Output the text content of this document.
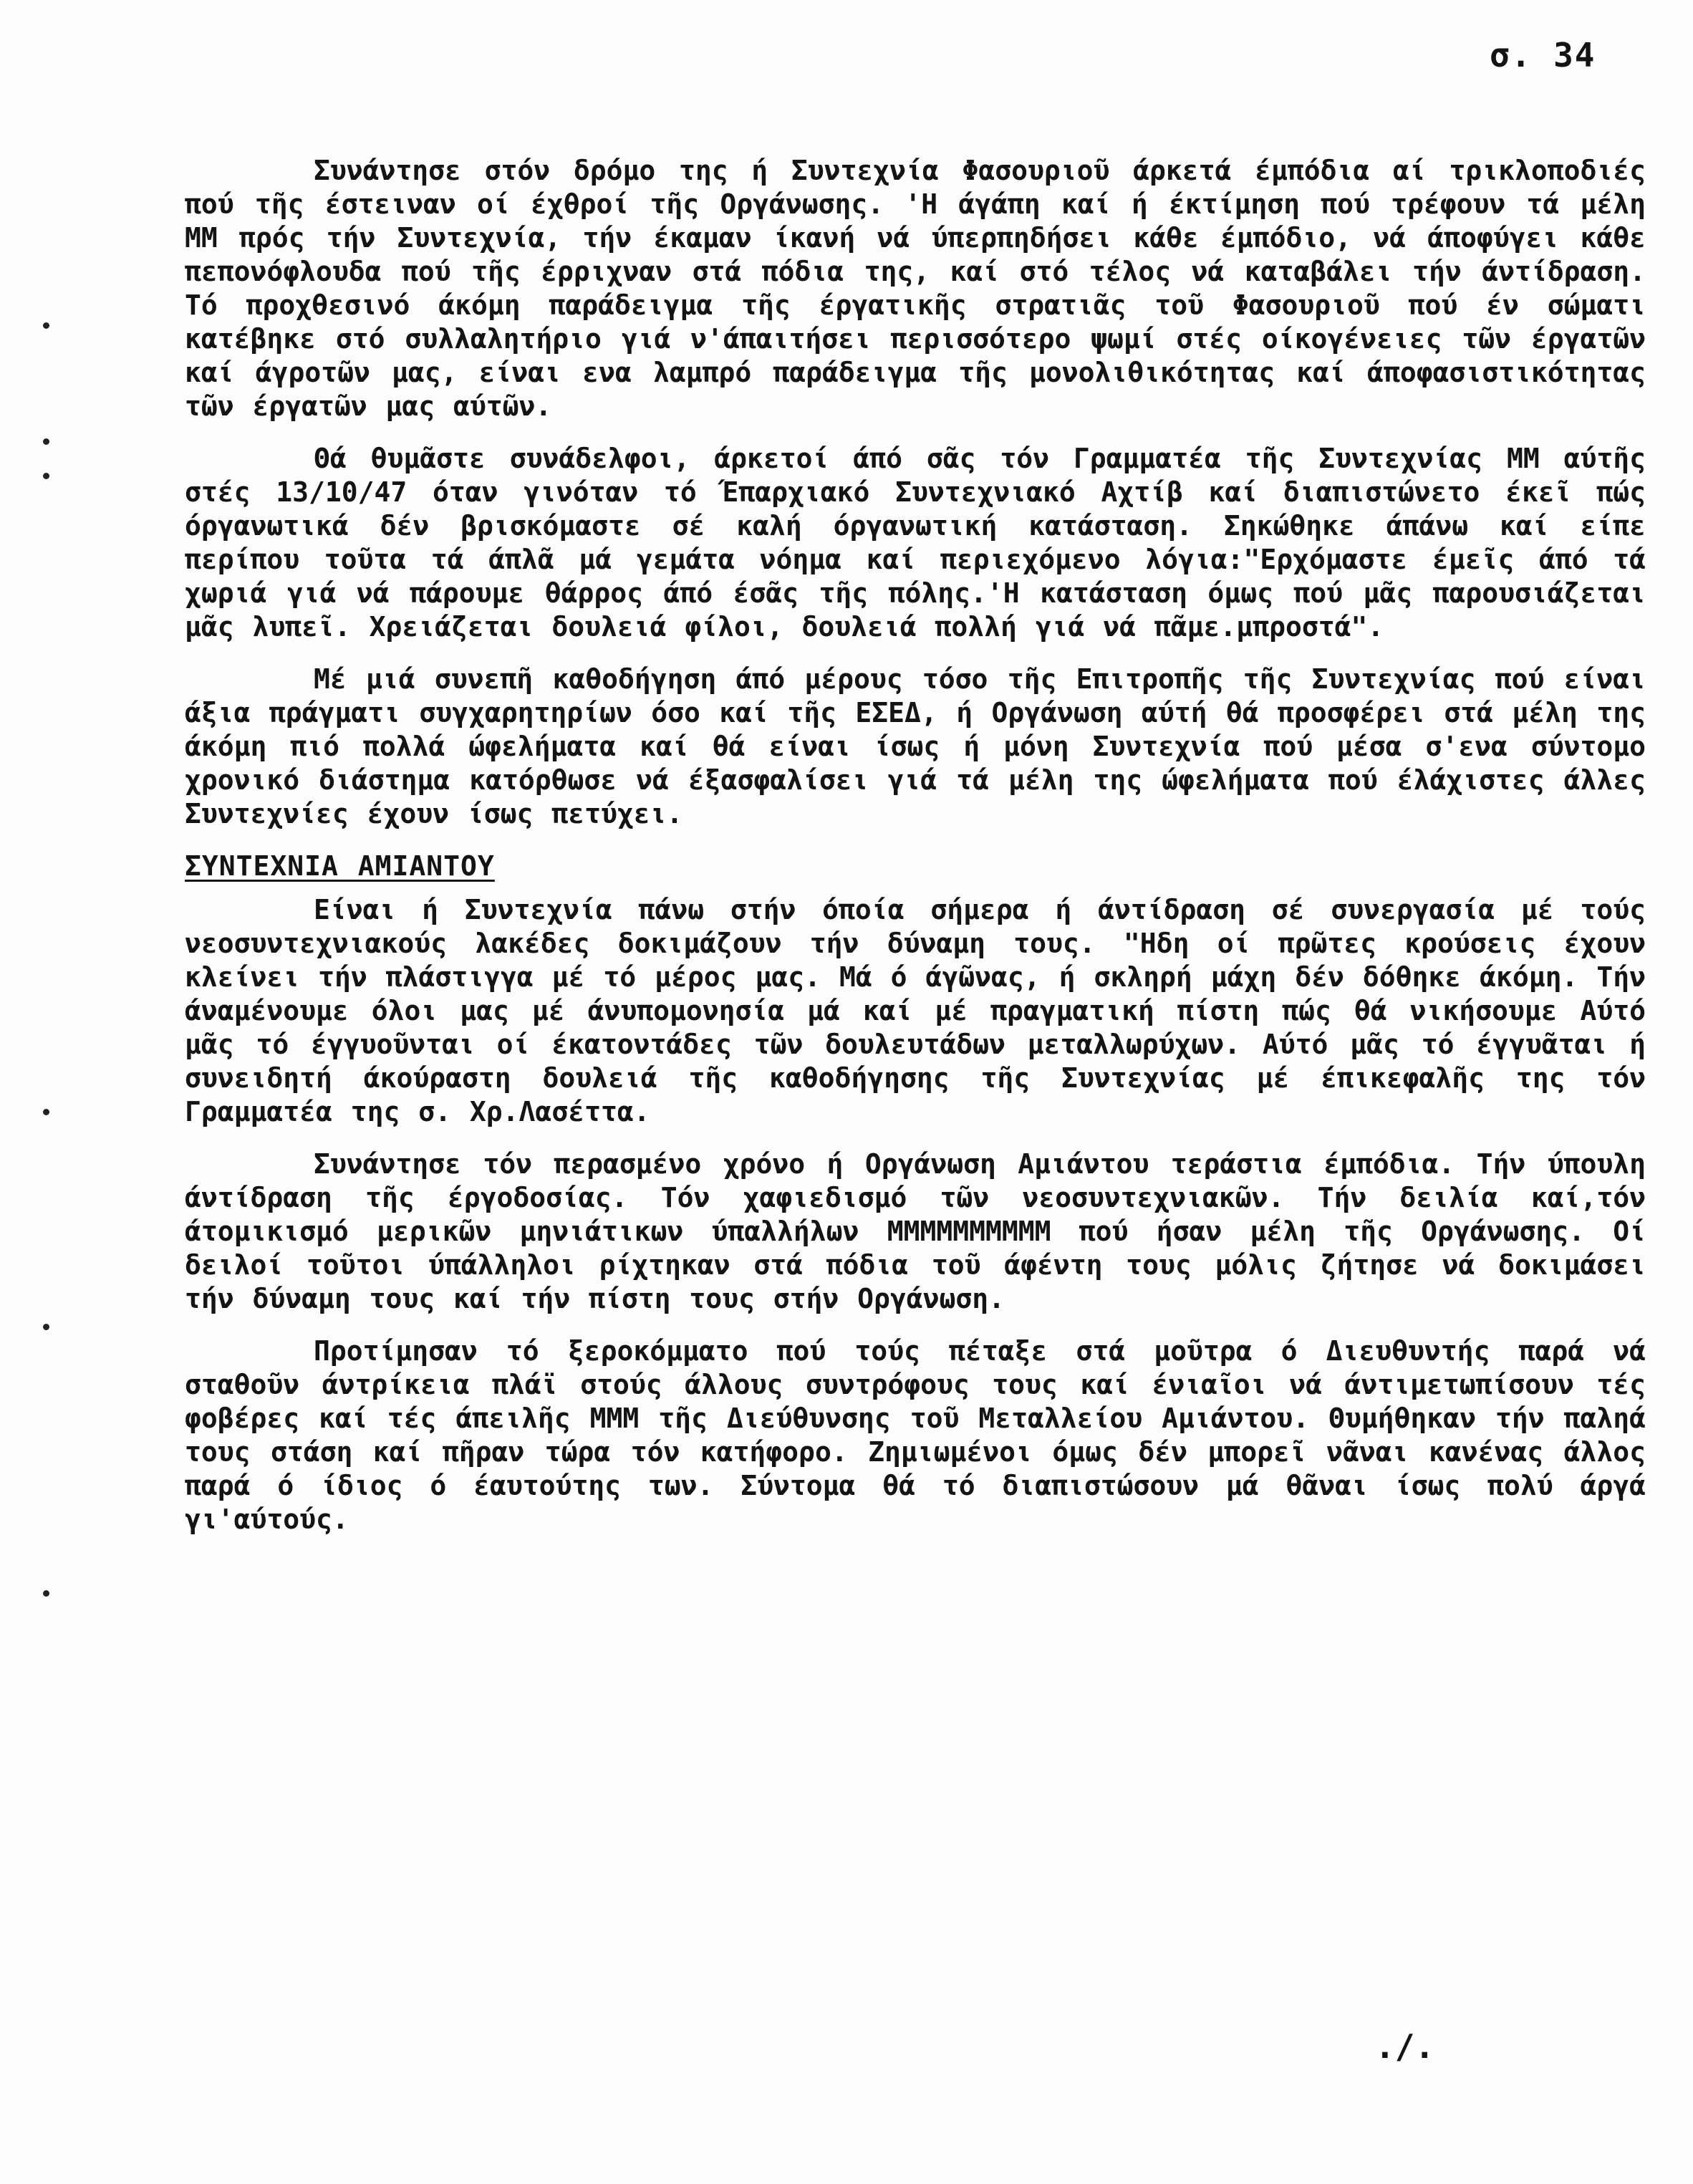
σ. 34

Συνάντησε στόν δρόμο της ή Συντεχνία Φασουριοῦ άρκετά έμπόδια αί τρικλοποδιές πού τῆς έστειναν οί έχθροί τῆς Οργάνωσης. 'Η άγάπη καί ή έκτίμηση πού τρέφουν τά μέλη ΜΜ πρός τήν Συντεχνία, τήν έκαμαν ίκανή νά ύπερπηδήσει κάθε έμπόδιο, νά άποφύγει κάθε πεπονόφλουδα πού τῆς έρριχναν στά πόδια της, καί στό τέλος νά καταβάλει τήν άντίδραση. Τό προχθεσινό άκόμη παράδειγμα τῆς έργατικῆς στρατιᾶς τοῦ Φασουριοῦ πού έν σώματι κατέβηκε στό συλλαλητήριο γιά ν'άπαιτήσει περισσότερο ψωμί στές οίκογένειες τῶν έργατῶν καί άγροτῶν μας, είναι ενα λαμπρό παράδειγμα τῆς μονολιθικότητας καί άποφασιστικότητας τῶν έργατῶν μας αύτῶν.

Θά θυμᾶστε συνάδελφοι, άρκετοί άπό σᾶς τόν Γραμματέα τῆς Συντεχνίας ΜΜ αύτῆς στές 13/10/47 όταν γινόταν τό Έπαρχιακό Συντεχνιακό Αχτίβ καί διαπιστώνετο έκεῖ πώς όργανωτικά δέν βρισκόμαστε σέ καλή όργανωτική κατάσταση. Σηκώθηκε άπάνω καί είπε περίπου τοῦτα τά άπλᾶ μά γεμάτα νόημα καί περιεχόμενο λόγια:"Ερχόμαστε έμεῖς άπό τά χωριά γιά νά πάρουμε θάρρος άπό έσᾶς τῆς πόλης.'Η κατάσταση όμως πού μᾶς παρουσιάζεται μᾶς λυπεῖ. Χρειάζεται δουλειά φίλοι, δουλειά πολλή γιά νά πᾶμε.μπροστά".

Μέ μιά συνεπῆ καθοδήγηση άπό μέρους τόσο τῆς Επιτροπῆς τῆς Συντεχνίας πού είναι άξια πράγματι συγχαρητηρίων όσο καί τῆς ΕΣΕΔ, ή Οργάνωση αύτή θά προσφέρει στά μέλη της άκόμη πιό πολλά ώφελήματα καί θά είναι ίσως ή μόνη Συντεχνία πού μέσα σ'ενα σύντομο χρονικό διάστημα κατόρθωσε νά έξασφαλίσει γιά τά μέλη της ώφελήματα πού έλάχιστες άλλες Συντεχνίες έχουν ίσως πετύχει.

ΣΥΝΤΕΧΝΙΑ ΑΜΙΑΝΤΟΥ

Είναι ή Συντεχνία πάνω στήν όποία σήμερα ή άντίδραση σέ συνεργασία μέ τούς νεοσυντεχνιακούς λακέδες δοκιμάζουν τήν δύναμη τους. "Ηδη οί πρῶτες κρούσεις έχουν κλείνει τήν πλάστιγγα μέ τό μέρος μας. Μά ό άγῶνας, ή σκληρή μάχη δέν δόθηκε άκόμη. Τήν άναμένουμε όλοι μας μέ άνυπομονησία μά καί μέ πραγματική πίστη πώς θά νικήσουμε Αύτό μᾶς τό έγγυοῦνται οί έκατοντάδες τῶν δουλευτάδων μεταλλωρύχων. Αύτό μᾶς τό έγγυᾶται ή συνειδητή άκούραστη δουλειά τῆς καθοδήγησης τῆς Συντεχνίας μέ έπικεφαλῆς της τόν Γραμματέα της σ. Χρ.Λασέττα.

Συνάντησε τόν περασμένο χρόνο ή Οργάνωση Αμιάντου τεράστια έμπόδια. Τήν ύπουλη άντίδραση τῆς έργοδοσίας. Τόν χαφιεδισμό τῶν νεοσυντεχνιακῶν. Τήν δειλία καί,τόν άτομικισμό μερικῶν μηνιάτικων ύπαλλήλων ΜΜΜΜΜΜΜΜΜΜ πού ήσαν μέλη τῆς Οργάνωσης. Οί δειλοί τοῦτοι ύπάλληλοι ρίχτηκαν στά πόδια τοῦ άφέντη τους μόλις ζήτησε νά δοκιμάσει τήν δύναμη τους καί τήν πίστη τους στήν Οργάνωση.

Προτίμησαν τό ξεροκόμματο πού τούς πέταξε στά μοῦτρα ό Διευθυντής παρά νά σταθοῦν άντρίκεια πλάϊ στούς άλλους συντρόφους τους καί ένιαῖοι νά άντιμετωπίσουν τές φοβέρες καί τές άπειλῆς ΜΜΜ τῆς Διεύθυνσης τοῦ Μεταλλείου Αμιάντου. Θυμήθηκαν τήν παληά τους στάση καί πῆραν τώρα τόν κατήφορο. Ζημιωμένοι όμως δέν μπορεῖ νᾶναι κανένας άλλος παρά ό ίδιος ό έαυτούτης των. Σύντομα θά τό διαπιστώσουν μά θᾶναι ίσως πολύ άργά γι'αύτούς.

./.
